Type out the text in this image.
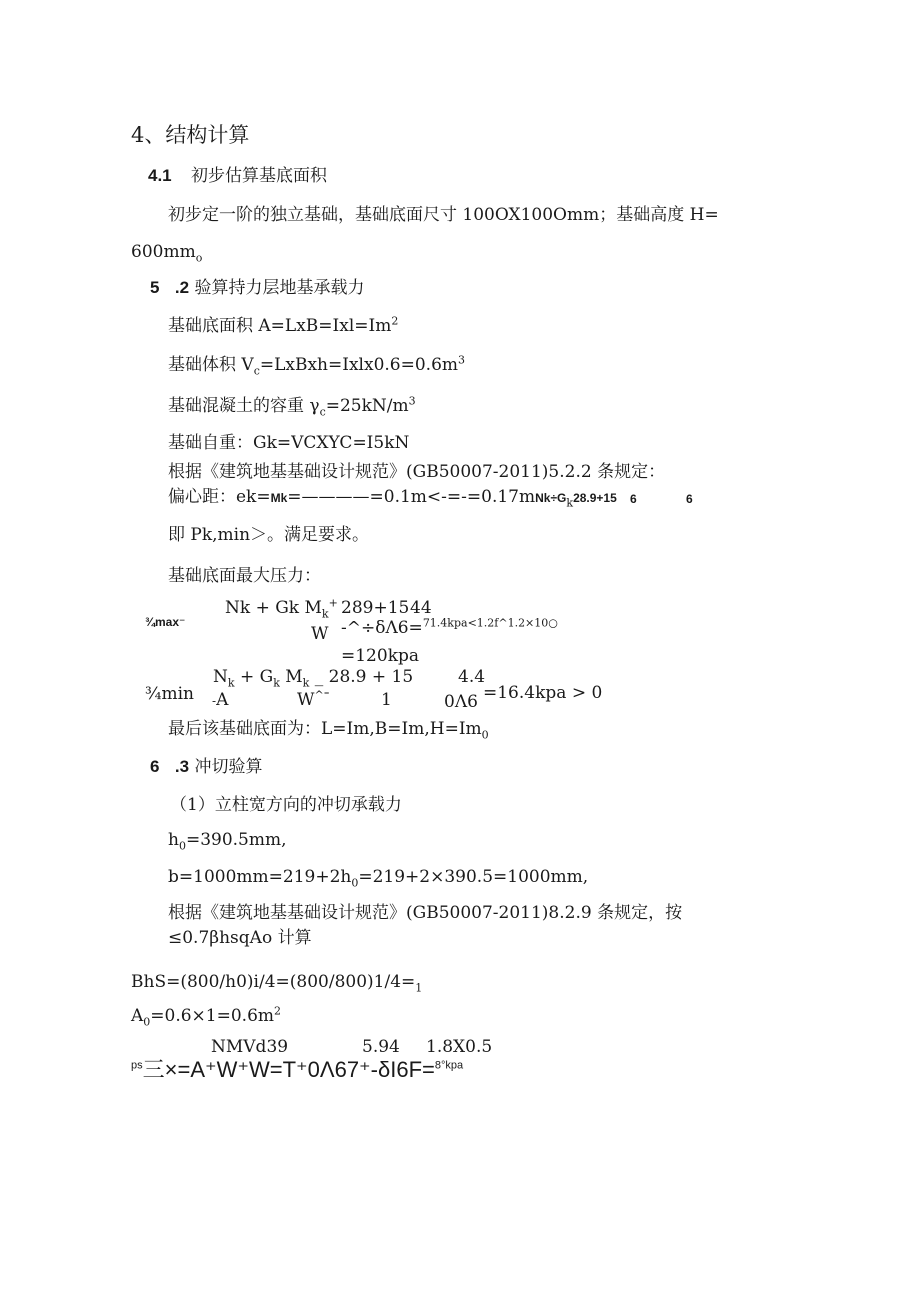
4、结构计算
4.1 初步估算基底面积
初步定一阶的独立基础，基础底面尺寸 100OX100Omm；基础高度 H=
$600mm_o$
5 .2 验算持力层地基承载力
基础底面积 $A=LxB=Ixl=Im^2$
基础体积 $V_c=LxBxh=Ixlx0.6=0.6m^3$
基础混凝土的容重 $\gamma_c=25kN∕m^3$
基础自重：Gk=VCXYC=I5kN
根据《建筑地基基础设计规范》(GB50007-2011)5.2.2 条规定：
偏心距：$ek=Mk=————=0.1m<-=-=0.17mNk\div G_k28.9+15$ 6	6
即 Pk,min＞。满足要求。
基础底面最大压力：
¾max⁻
Nk + Gk $M_k^+$ 289+15 44
W -^÷δΛ6=$^{71.4kpa<1.2f\^{}1.2\times 10○}$
=120kpa
$N_k + G_k$ $M_k$ _ 28.9 + 15	4.4
¾min -A	W^⁼	1	0Λ6 =16.4kpa > 0
最后该基础底面为：$L=Im,B=Im,H=Im_0$
6 .3 冲切验算
（1）立柱宽方向的冲切承载力
$h_0=390.5mm$,
$b=1000mm=219+2h_0=219+2\times 390.5=1000mm$,
根据《建筑地基基础设计规范》(GB50007-2011)8.2.9 条规定，按
≤0.7βhsqAo 计算
$BhS=(800∕h0)i∕4=(800/800)1/4=_1$
$A_0=0.6\times 1=0.6m^2$
NMVd39	5.94 1.8X0.5
$^{ps}$三×=A⁺W⁺W=T⁺0Λ67⁺-δI6F=$^{8^\circ kpa}$
